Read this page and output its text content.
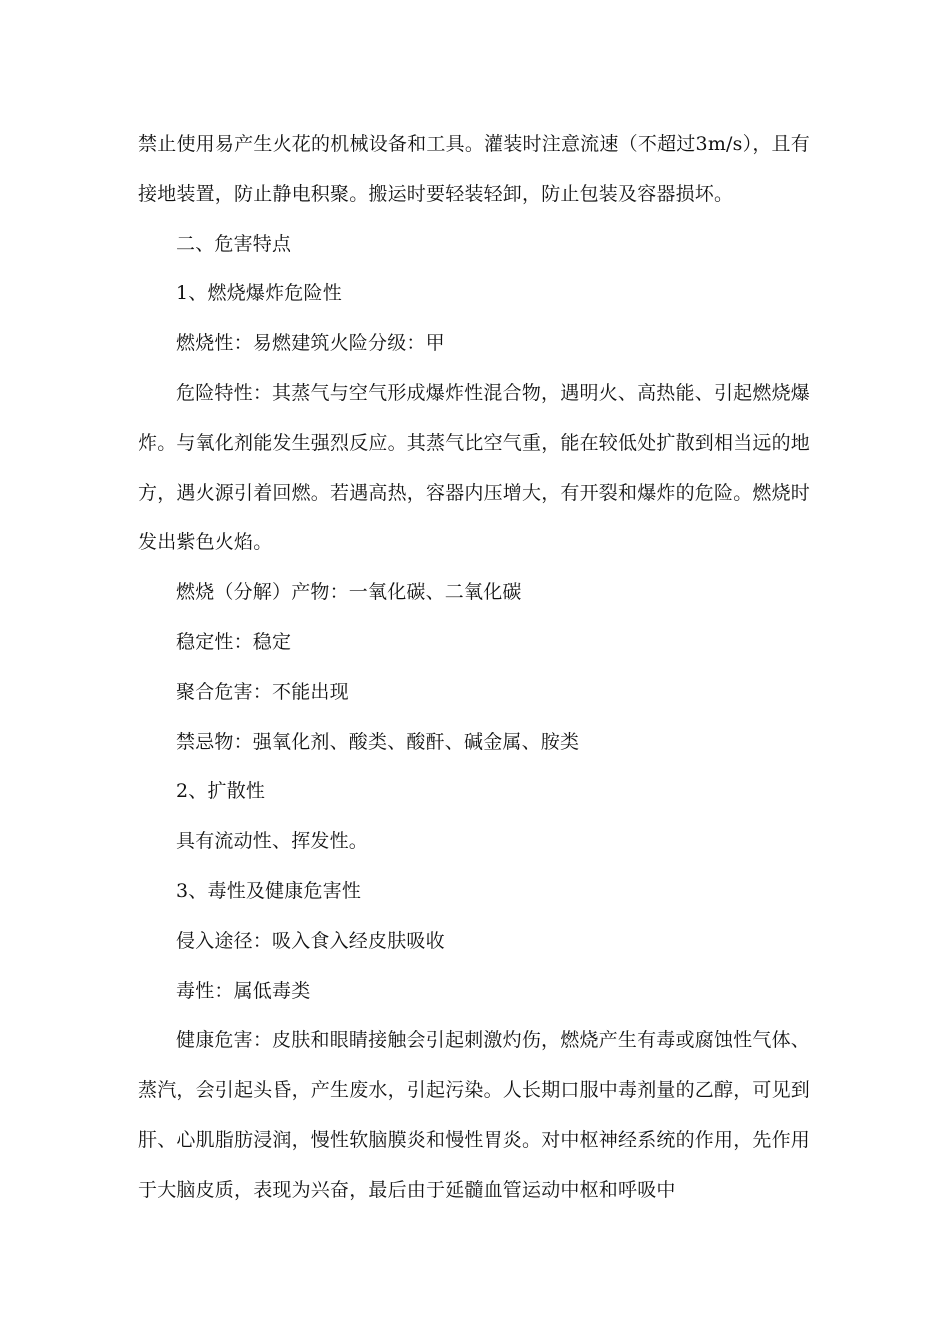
禁止使用易产生火花的机械设备和工具。灌装时注意流速（不超过3m/s），且有接地装置，防止静电积聚。搬运时要轻装轻卸，防止包装及容器损坏。

二、危害特点

1、燃烧爆炸危险性

燃烧性：易燃建筑火险分级：甲

危险特性：其蒸气与空气形成爆炸性混合物，遇明火、高热能、引起燃烧爆炸。与氧化剂能发生强烈反应。其蒸气比空气重，能在较低处扩散到相当远的地方，遇火源引着回燃。若遇高热，容器内压增大，有开裂和爆炸的危险。燃烧时发出紫色火焰。

燃烧（分解）产物：一氧化碳、二氧化碳

稳定性：稳定

聚合危害：不能出现

禁忌物：强氧化剂、酸类、酸酐、碱金属、胺类

2、扩散性

具有流动性、挥发性。

3、毒性及健康危害性

侵入途径：吸入食入经皮肤吸收

毒性：属低毒类

健康危害：皮肤和眼睛接触会引起刺激灼伤，燃烧产生有毒或腐蚀性气体、蒸汽，会引起头昏，产生废水，引起污染。人长期口服中毒剂量的乙醇，可见到肝、心肌脂肪浸润，慢性软脑膜炎和慢性胃炎。对中枢神经系统的作用，先作用于大脑皮质，表现为兴奋，最后由于延髓血管运动中枢和呼吸中
